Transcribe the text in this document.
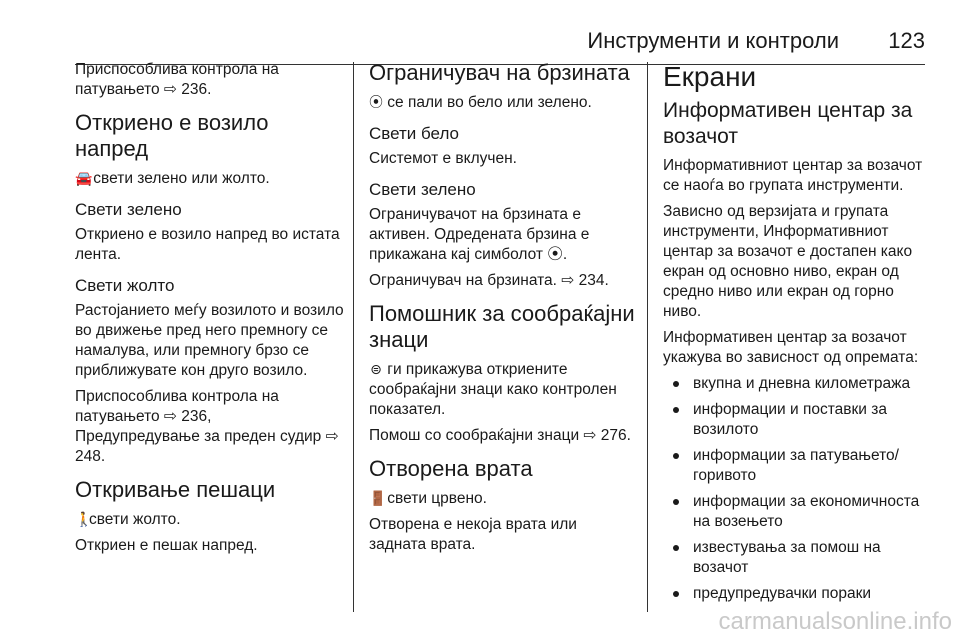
Инструменти и контроли 123

Приспособлива контрола на патувањето ⇨ 236.

Откриено е возило напред

🚘 свети зелено или жолто.

Свети зелено

Откриено е возило напред во истата лента.

Свети жолто

Растојанието меѓу возилото и возило во движење пред него премногу се намалува, или премногу брзо се приближувате кон друго возило.

Приспособлива контрола на патувањето ⇨ 236,

Предупредување за преден судир ⇨ 248.

Откривање пешаци

🚶свети жолто.

Откриен е пешак напред.

Ограничувач на брзината

⦿ се пали во бело или зелено.

Свети бело

Системот е вклучен.

Свети зелено

Ограничувачот на брзината е активен. Одредената брзина е прикажана кај симболот ⦿.

Ограничувач на брзината. ⇨ 234.

Помошник за сообраќајни знаци

⊜ ги прикажува откриените сообраќајни знаци како контролен показател.

Помош со сообраќајни знаци ⇨ 276.

Отворена врата

🚪 свети црвено.

Отворена е некоја врата или задната врата.

Екрани
Информативен центар за возачот

Информативниот центар за возачот се наоѓа во групата инструменти.

Зависно од верзијата и групата инструменти, Информативниот центар за возачот е достапен како екран од основно ниво, екран од средно ниво или екран од горно ниво.

Информативен центар за возачот укажува во зависност од опремата:

вкупна и дневна километража
информации и поставки за возилото
информации за патувањето/ горивото
информации за економичноста на возењето
известувања за помош на возачот
предупредувачки пораки
carmanualsonline.info
